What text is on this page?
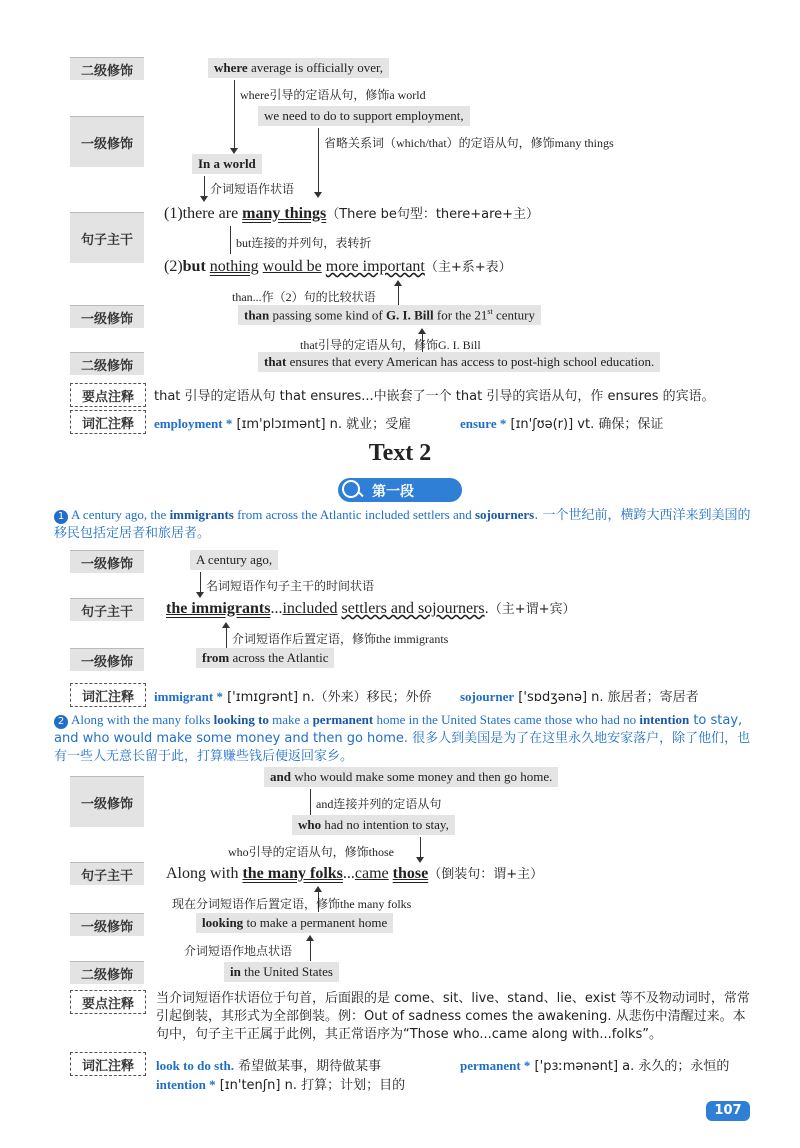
二级修饰	where average is officially over,
where引导的定语从句，修饰a world
一级修饰
we need to do to support employment,
省略关系词（which/that）的定语从句，修饰many things
In a world
介词短语作状语
句子主干
(1)there are many things（There be句型：there+are+主）
but连接的并列句，表转折
(2)but nothing would be more important（主+系+表）
than...作（2）句的比较状语
一级修饰	than passing some kind of G. I. Bill for the 21st century
that引导的定语从句，修饰G. I. Bill
二级修饰	that ensures that every American has access to post-high school education.
要点注释	that 引导的定语从句 that ensures...中嵌套了一个 that 引导的宾语从句，作 ensures 的宾语。
词汇注释	employment * [ɪm'plɔɪmənt] n. 就业；受雇	ensure * [ɪn'ʃʊə(r)] vt. 确保；保证
Text 2
第一段
1 A century ago, the immigrants from across the Atlantic included settlers and sojourners. 一个世纪前，横跨大西洋来到美国的移民包括定居者和旅居者。
一级修饰	A century ago,
名词短语作句子主干的时间状语
句子主干	the immigrants...included settlers and sojourners.（主+谓+宾）
介词短语作后置定语，修饰the immigrants
一级修饰	from across the Atlantic
词汇注释	immigrant * ['ɪmɪɡrənt] n.（外来）移民；外侨 sojourner ['sɒdʒənə] n. 旅居者；寄居者
2 Along with the many folks looking to make a permanent home in the United States came those who had no intention to stay, and who would make some money and then go home. 很多人到美国是为了在这里永久地安家落户，除了他们，也有一些人无意长留于此，打算赚些钱后便返回家乡。
一级修饰
and who would make some money and then go home.
and连接并列的定语从句
who had no intention to stay,
who引导的定语从句，修饰those
句子主干	Along with the many folks...came those（倒装句：谓+主）
现在分词短语作后置定语，修饰the many folks
一级修饰	looking to make a permanent home
介词短语作地点状语
二级修饰	in the United States
要点注释	当介词短语作状语位于句首，后面跟的是 come、sit、live、stand、lie、exist 等不及物动词时，常常引起倒装，其形式为全部倒装。例：Out of sadness comes the awakening. 从悲伤中清醒过来。本句中，句子主干正属于此例，其正常语序为“Those who...came along with...folks”。
词汇注释	look to do sth. 希望做某事，期待做某事	permanent * ['pɜːmənənt] a. 永久的；永恒的
intention * [ɪn'tenʃn] n. 打算；计划；目的
107
